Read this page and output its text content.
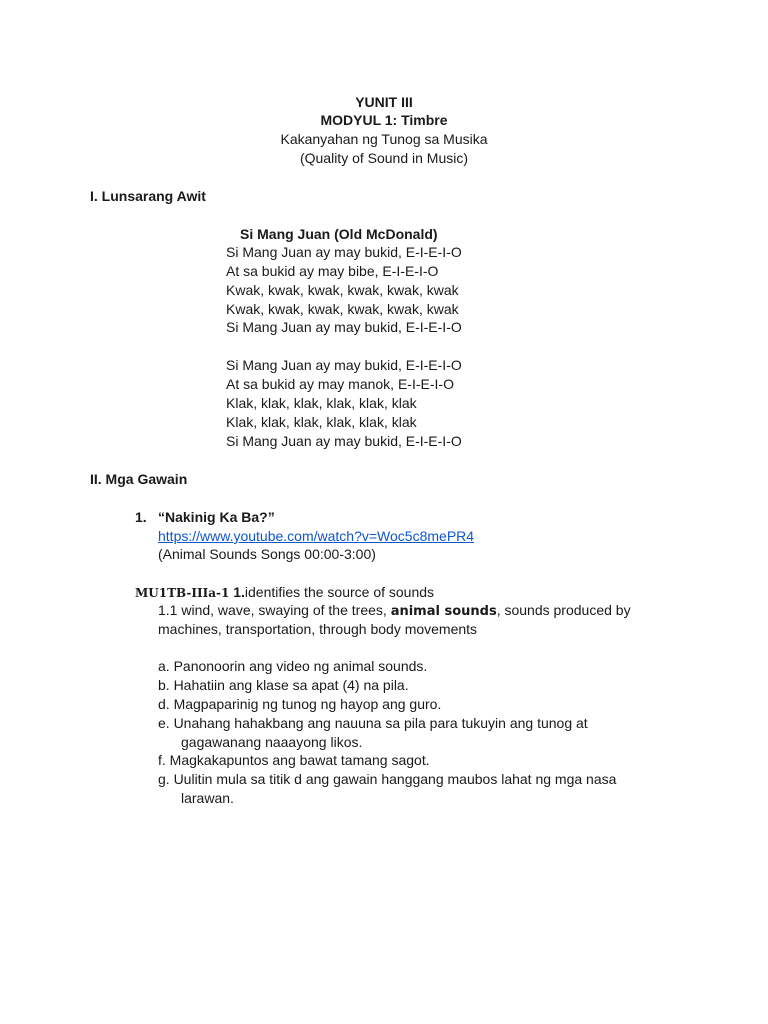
YUNIT III
MODYUL 1: Timbre
Kakanyahan ng Tunog sa Musika
(Quality of Sound in Music)
I. Lunsarang Awit
Si Mang Juan (Old McDonald)
Si Mang Juan ay may bukid, E-I-E-I-O
At sa bukid ay may bibe, E-I-E-I-O
Kwak, kwak, kwak, kwak, kwak, kwak
Kwak, kwak, kwak, kwak, kwak, kwak
Si Mang Juan ay may bukid, E-I-E-I-O
Si Mang Juan ay may bukid, E-I-E-I-O
At sa bukid ay may manok, E-I-E-I-O
Klak, klak, klak, klak, klak, klak
Klak, klak, klak, klak, klak, klak
Si Mang Juan ay may bukid, E-I-E-I-O
II. Mga Gawain
1. “Nakinig Ka Ba?”
https://www.youtube.com/watch?v=Woc5c8mePR4
(Animal Sounds Songs 00:00-3:00)
MU1TB-IIIa-1 1.identifies the source of sounds
1.1 wind, wave, swaying of the trees, animal sounds, sounds produced by
machines, transportation, through body movements
a. Panonoorin ang video ng animal sounds.
b. Hahatiin ang klase sa apat (4) na pila.
d. Magpaparinig ng tunog ng hayop ang guro.
e. Unahang hahakbang ang nauuna sa pila para tukuyin ang tunog at
gagawanang naaayong likos.
f. Magkakapuntos ang bawat tamang sagot.
g. Uulitin mula sa titik d ang gawain hanggang maubos lahat ng mga nasa
larawan.
